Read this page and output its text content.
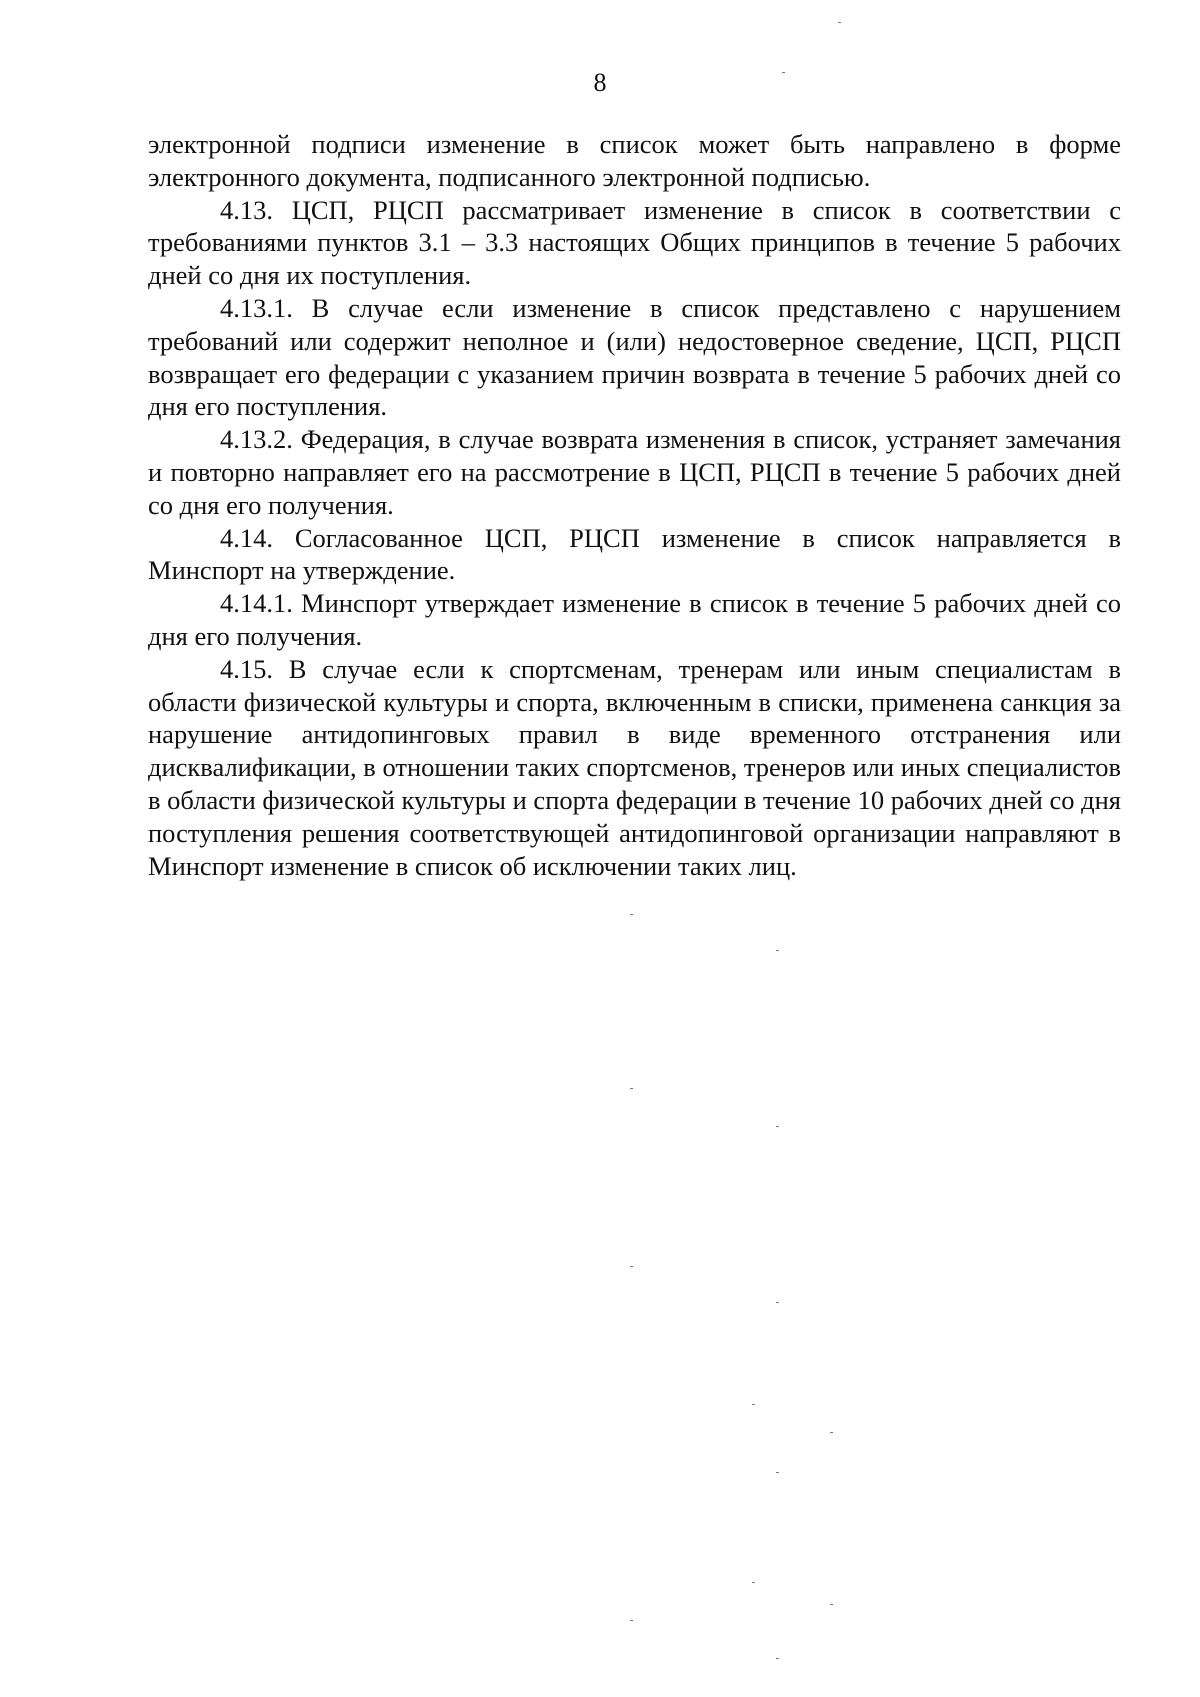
8

электронной подписи изменение в список может быть направлено в форме электронного документа, подписанного электронной подписью.

4.13. ЦСП, РЦСП рассматривает изменение в список в соответствии с требованиями пунктов 3.1 – 3.3 настоящих Общих принципов в течение 5 рабочих дней со дня их поступления.

4.13.1. В случае если изменение в список представлено с нарушением требований или содержит неполное и (или) недостоверное сведение, ЦСП, РЦСП возвращает его федерации с указанием причин возврата в течение 5 рабочих дней со дня его поступления.

4.13.2. Федерация, в случае возврата изменения в список, устраняет замечания и повторно направляет его на рассмотрение в ЦСП, РЦСП в течение 5 рабочих дней со дня его получения.

4.14. Согласованное ЦСП, РЦСП изменение в список направляется в Минспорт на утверждение.

4.14.1. Минспорт утверждает изменение в список в течение 5 рабочих дней со дня его получения.

4.15. В случае если к спортсменам, тренерам или иным специалистам в области физической культуры и спорта, включенным в списки, применена санкция за нарушение антидопинговых правил в виде временного отстранения или дисквалификации, в отношении таких спортсменов, тренеров или иных специалистов в области физической культуры и спорта федерации в течение 10 рабочих дней со дня поступления решения соответствующей антидопинговой организации направляют в Минспорт изменение в список об исключении таких лиц.
